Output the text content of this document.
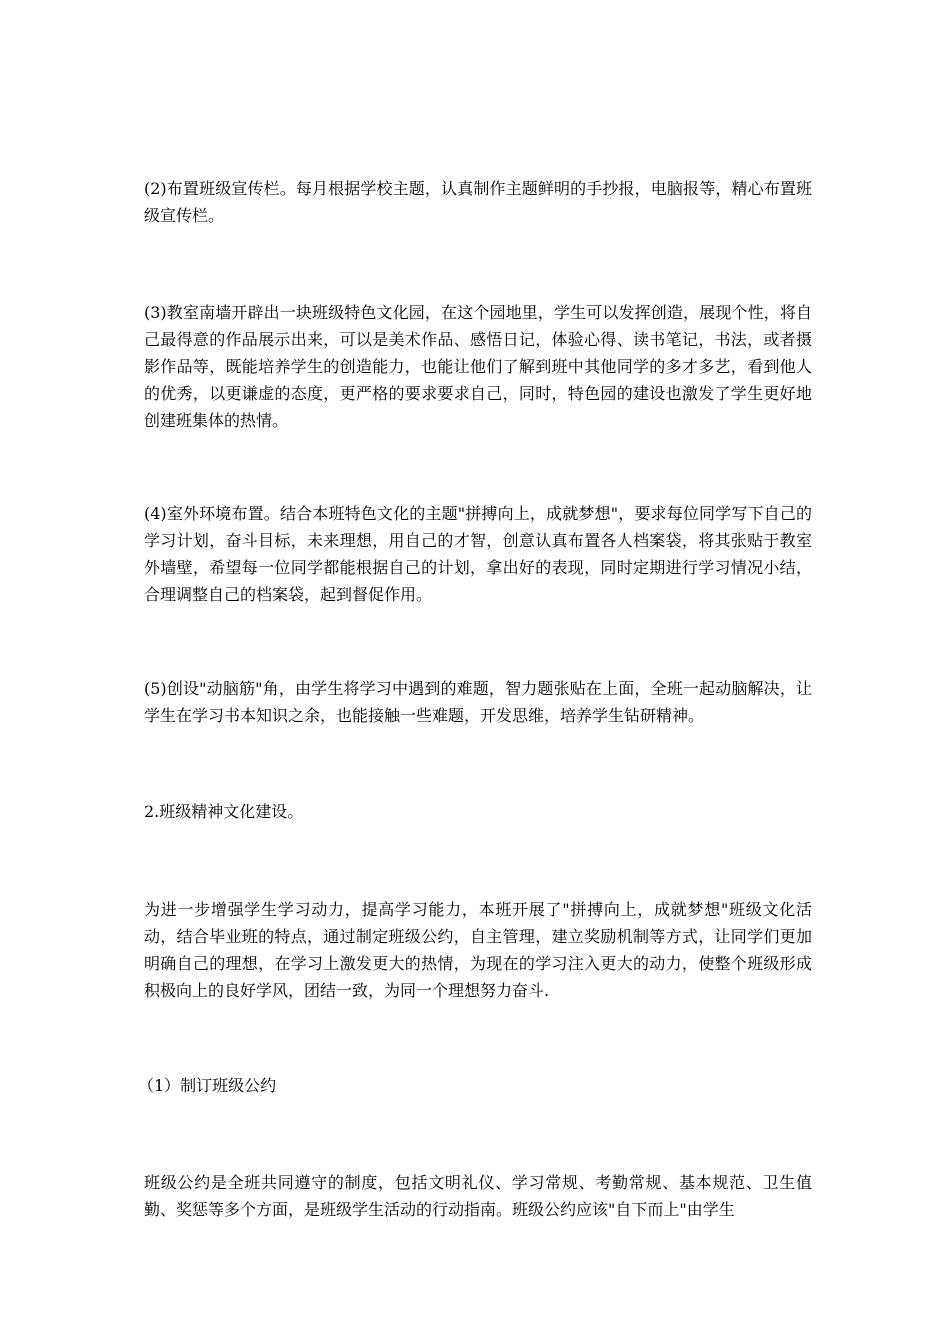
(2)布置班级宣传栏。每月根据学校主题，认真制作主题鲜明的手抄报，电脑报等，精心布置班级宣传栏。

(3)教室南墙开辟出一块班级特色文化园，在这个园地里，学生可以发挥创造，展现个性，将自己最得意的作品展示出来，可以是美术作品、感悟日记，体验心得、读书笔记，书法，或者摄影作品等，既能培养学生的创造能力，也能让他们了解到班中其他同学的多才多艺，看到他人的优秀，以更谦虚的态度，更严格的要求要求自己，同时，特色园的建设也激发了学生更好地创建班集体的热情。

(4)室外环境布置。结合本班特色文化的主题"拼搏向上，成就梦想"，要求每位同学写下自己的学习计划，奋斗目标，未来理想，用自己的才智，创意认真布置各人档案袋，将其张贴于教室外墙壁，希望每一位同学都能根据自己的计划，拿出好的表现，同时定期进行学习情况小结，合理调整自己的档案袋，起到督促作用。

(5)创设"动脑筋"角，由学生将学习中遇到的难题，智力题张贴在上面，全班一起动脑解决，让学生在学习书本知识之余，也能接触一些难题，开发思维，培养学生钻研精神。

2.班级精神文化建设。

为进一步增强学生学习动力，提高学习能力，本班开展了"拼搏向上，成就梦想"班级文化活动，结合毕业班的特点，通过制定班级公约，自主管理，建立奖励机制等方式，让同学们更加明确自己的理想，在学习上激发更大的热情，为现在的学习注入更大的动力，使整个班级形成积极向上的良好学风，团结一致，为同一个理想努力奋斗.

（1）制订班级公约

班级公约是全班共同遵守的制度，包括文明礼仪、学习常规、考勤常规、基本规范、卫生值勤、奖惩等多个方面，是班级学生活动的行动指南。班级公约应该"自下而上"由学生
